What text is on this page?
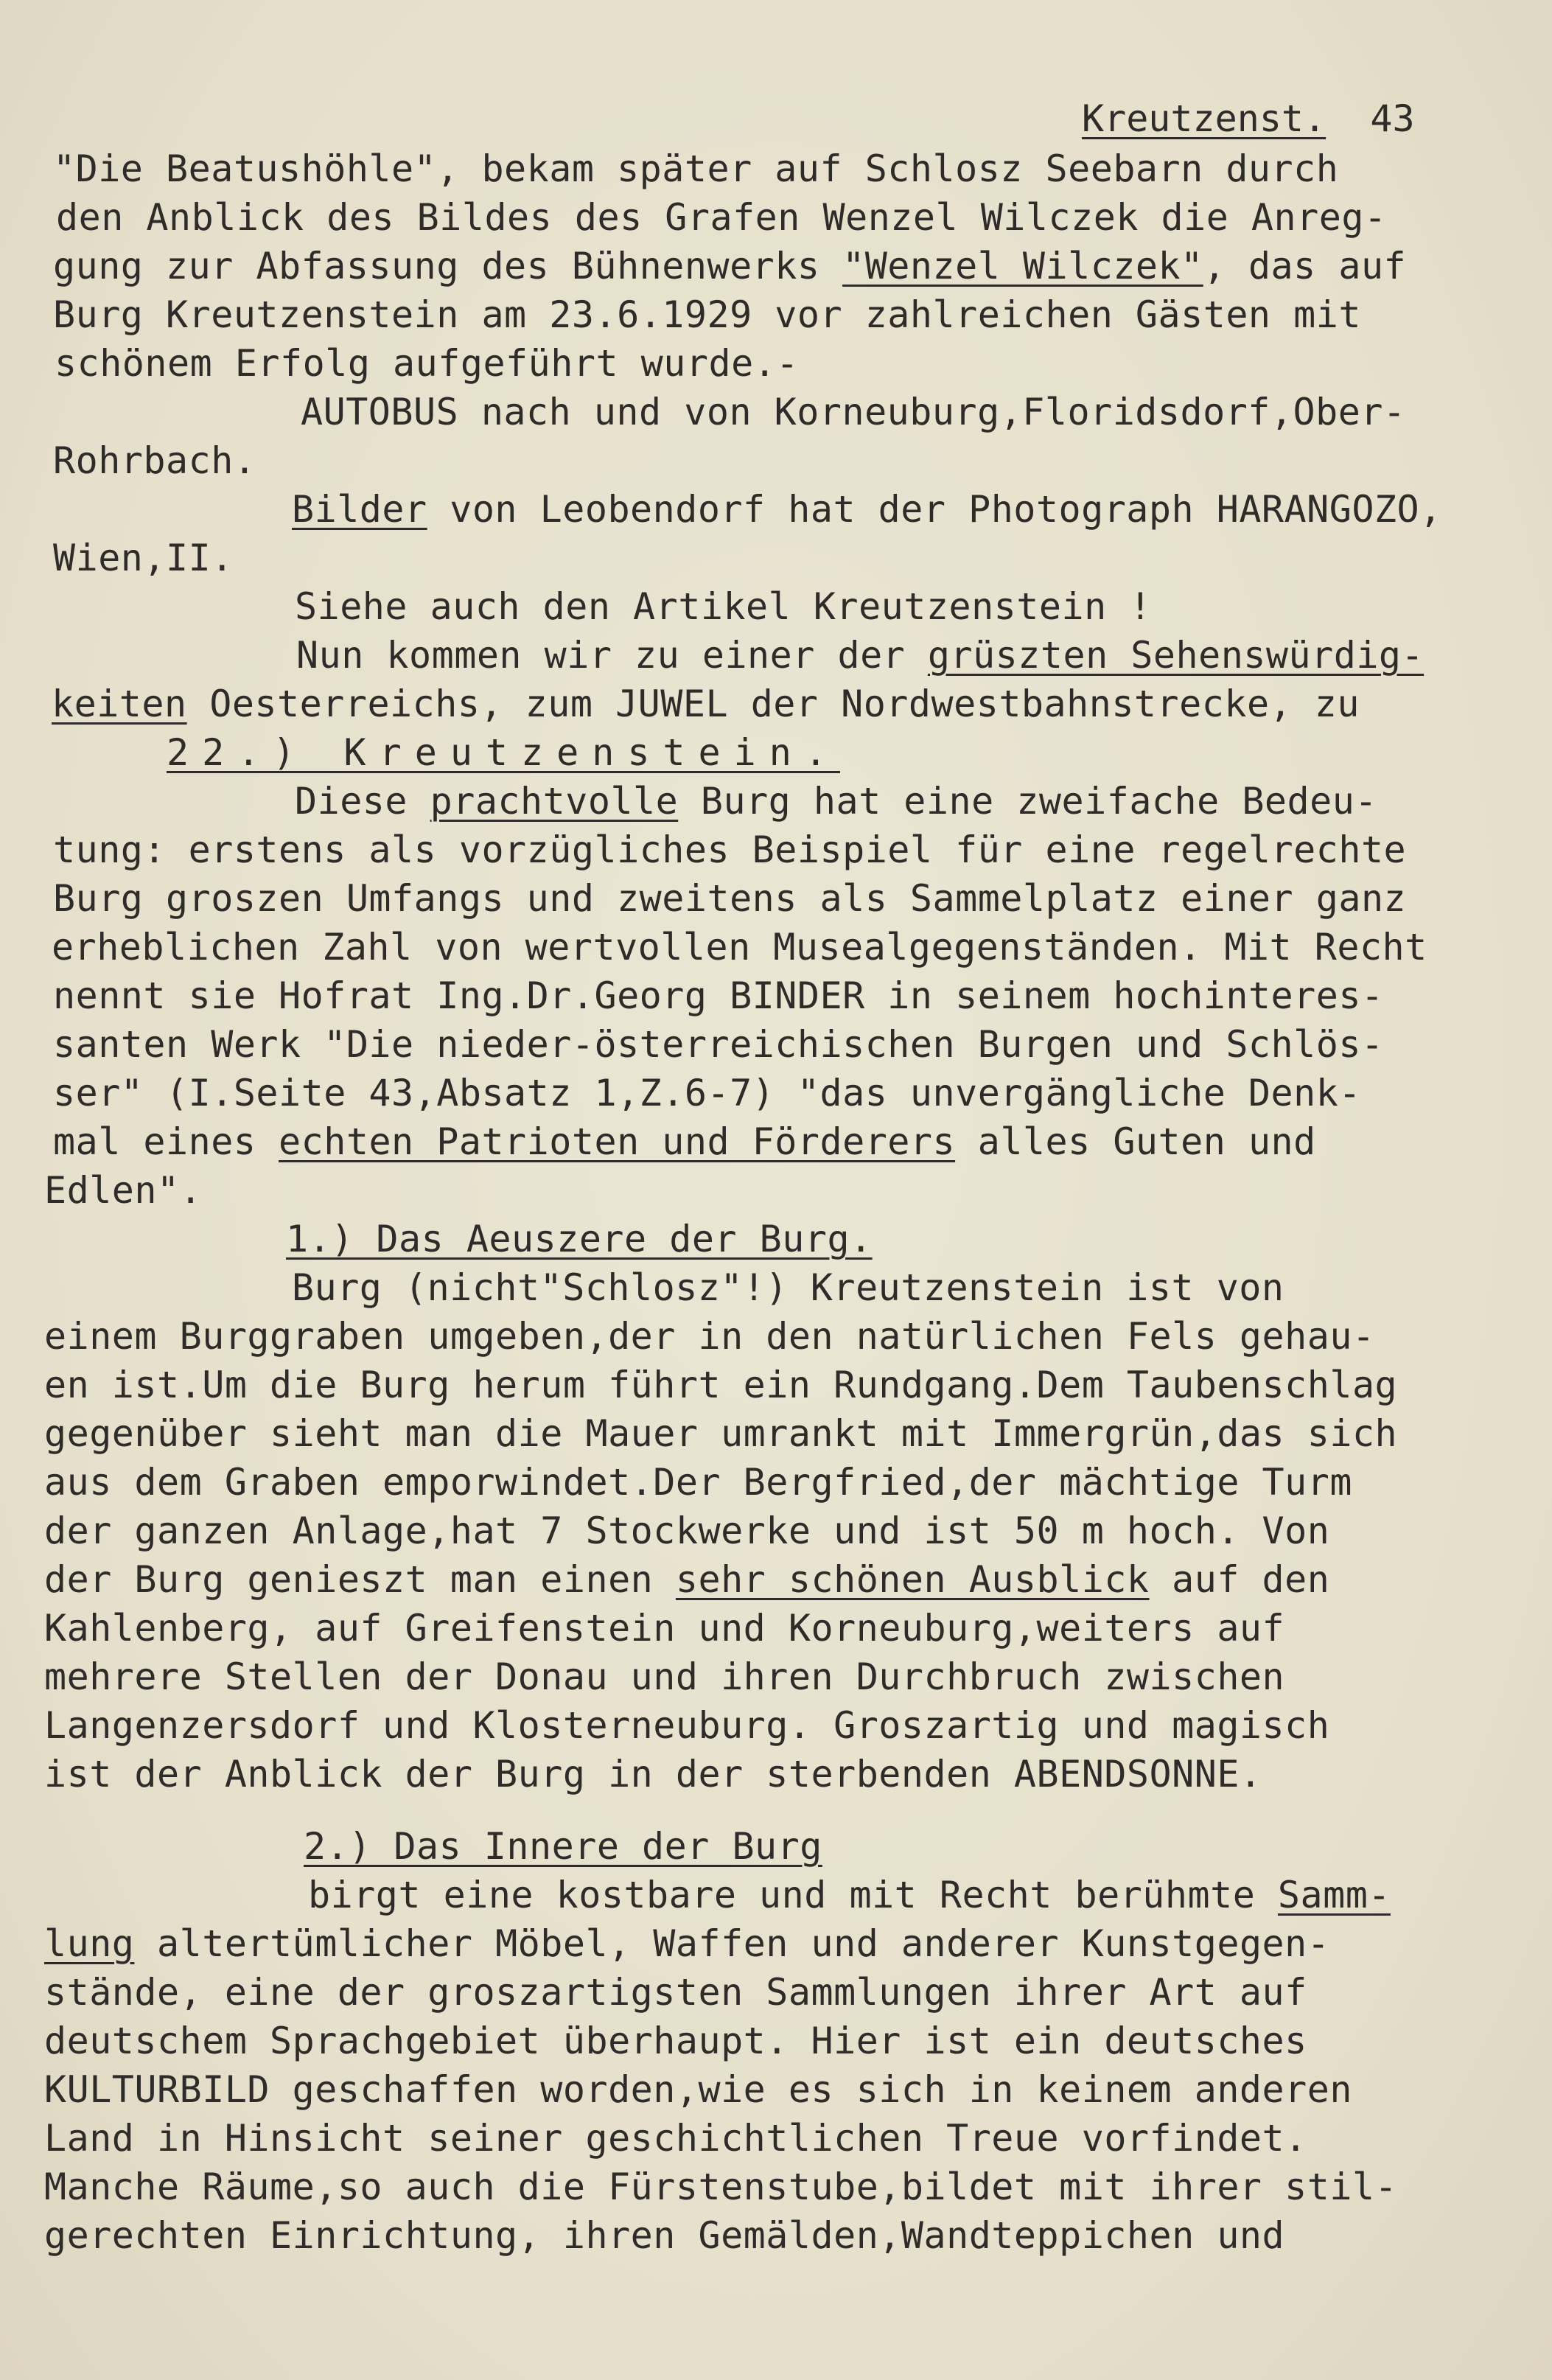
Kreutzenst. 43
"Die Beatushöhle", bekam später auf Schlosz Seebarn durch
den Anblick des Bildes des Grafen Wenzel Wilczek die Anreg-
gung zur Abfassung des Bühnenwerks "Wenzel Wilczek", das auf
Burg Kreutzenstein am 23.6.1929 vor zahlreichen Gästen mit
schönem Erfolg aufgeführt wurde.-
AUTOBUS nach und von Korneuburg,Floridsdorf,Ober-
Rohrbach.
Bilder von Leobendorf hat der Photograph HARANGOZO,
Wien,II.
Siehe auch den Artikel Kreutzenstein !
Nun kommen wir zu einer der grüszten Sehenswürdig-
keiten Oesterreichs, zum JUWEL der Nordwestbahnstrecke, zu
22.) Kreutzenstein.
Diese prachtvolle Burg hat eine zweifache Bedeu-
tung: erstens als vorzügliches Beispiel für eine regelrechte
Burg groszen Umfangs und zweitens als Sammelplatz einer ganz
erheblichen Zahl von wertvollen Musealgegenständen. Mit Recht
nennt sie Hofrat Ing.Dr.Georg BINDER in seinem hochinteres-
santen Werk "Die nieder-österreichischen Burgen und Schlös-
ser" (I.Seite 43,Absatz 1,Z.6-7) "das unvergängliche Denk-
mal eines echten Patrioten und Förderers alles Guten und
Edlen".
1.) Das Aeuszere der Burg.
Burg (nicht"Schlosz"!) Kreutzenstein ist von
einem Burggraben umgeben,der in den natürlichen Fels gehau-
en ist.Um die Burg herum führt ein Rundgang.Dem Taubenschlag
gegenüber sieht man die Mauer umrankt mit Immergrün,das sich
aus dem Graben emporwindet.Der Bergfried,der mächtige Turm
der ganzen Anlage,hat 7 Stockwerke und ist 50 m hoch. Von
der Burg genieszt man einen sehr schönen Ausblick auf den
Kahlenberg, auf Greifenstein und Korneuburg,weiters auf
mehrere Stellen der Donau und ihren Durchbruch zwischen
Langenzersdorf und Klosterneuburg. Groszartig und magisch
ist der Anblick der Burg in der sterbenden ABENDSONNE.
2.) Das Innere der Burg
birgt eine kostbare und mit Recht berühmte Samm-
lung altertümlicher Möbel, Waffen und anderer Kunstgegen-
stände, eine der groszartigsten Sammlungen ihrer Art auf
deutschem Sprachgebiet überhaupt. Hier ist ein deutsches
KULTURBILD geschaffen worden,wie es sich in keinem anderen
Land in Hinsicht seiner geschichtlichen Treue vorfindet.
Manche Räume,so auch die Fürstenstube,bildet mit ihrer stil-
gerechten Einrichtung, ihren Gemälden,Wandteppichen und
